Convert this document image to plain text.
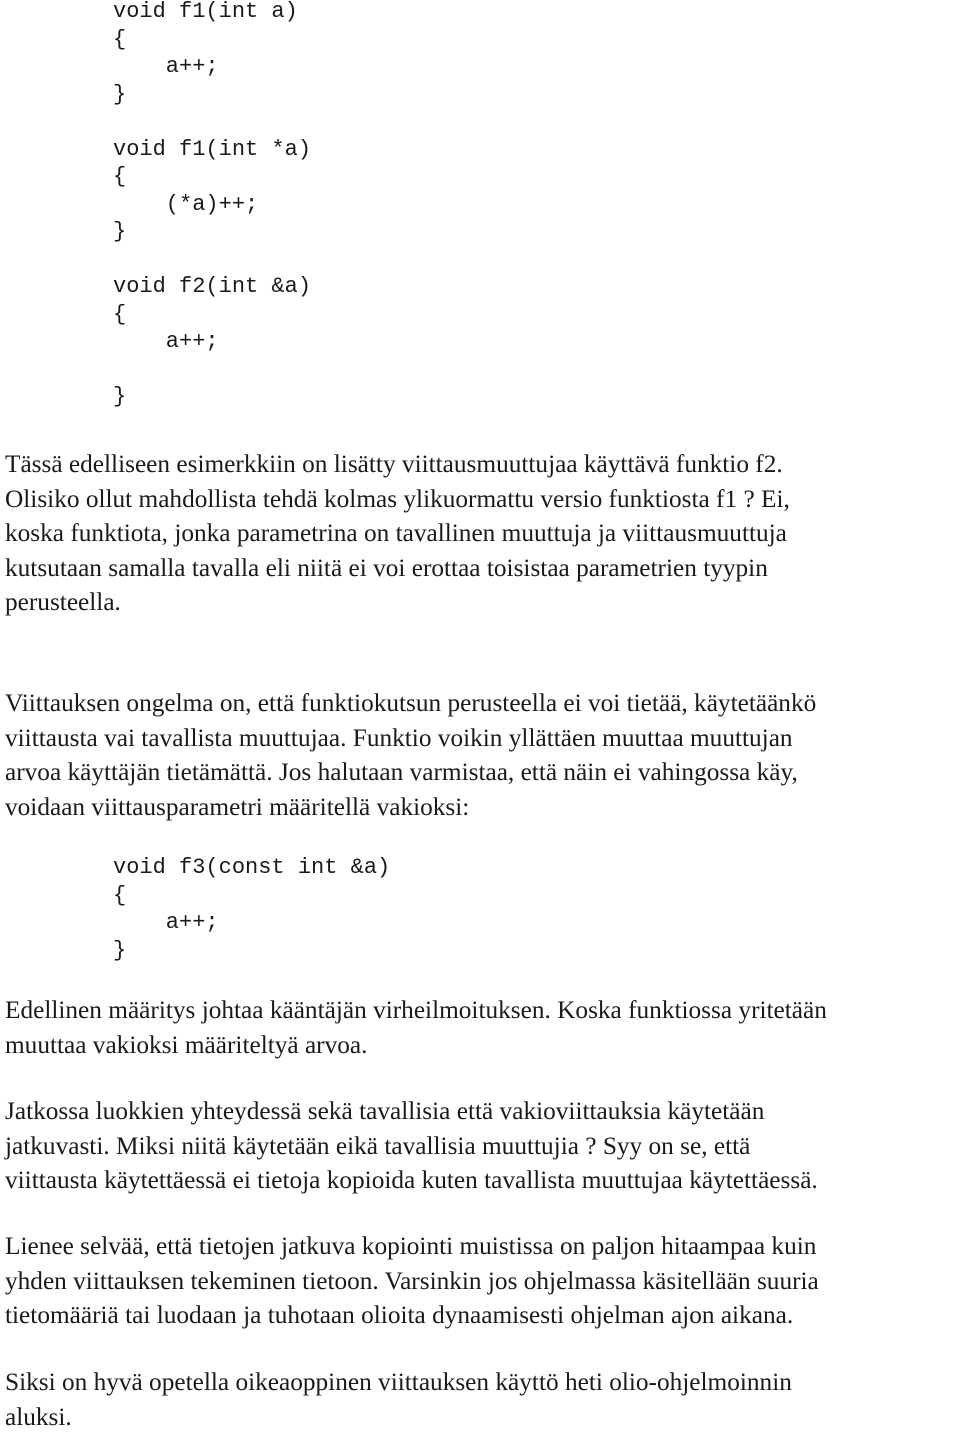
void f1(int a)
{
a++;
}
void f1(int *a)
{
(*a)++;
}
void f2(int &a)
{
a++;
}

Tässä edelliseen esimerkkiin on lisätty viittausmuuttujaa käyttävä funktio f2.
Olisiko ollut mahdollista tehdä kolmas ylikuormattu versio funktiosta f1 ? Ei,
koska funktiota, jonka parametrina on tavallinen muuttuja ja viittausmuuttuja
kutsutaan samalla tavalla eli niitä ei voi erottaa toisistaa parametrien tyypin
perusteella.

Viittauksen ongelma on, että funktiokutsun perusteella ei voi tietää, käytetäänkö
viittausta vai tavallista muuttujaa. Funktio voikin yllättäen muuttaa muuttujan
arvoa käyttäjän tietämättä. Jos halutaan varmistaa, että näin ei vahingossa käy,
voidaan viittausparametri määritellä vakioksi:

void f3(const int &a)
{
a++;
}

Edellinen määritys johtaa kääntäjän virheilmoituksen. Koska funktiossa yritetään
muuttaa vakioksi määriteltyä arvoa.

Jatkossa luokkien yhteydessä sekä tavallisia että vakioviittauksia käytetään
jatkuvasti. Miksi niitä käytetään eikä tavallisia muuttujia ? Syy on se, että
viittausta käytettäessä ei tietoja kopioida kuten tavallista muuttujaa käytettäessä.

Lienee selvää, että tietojen jatkuva kopiointi muistissa on paljon hitaampaa kuin
yhden viittauksen tekeminen tietoon. Varsinkin jos ohjelmassa käsitellään suuria
tietomääriä tai luodaan ja tuhotaan olioita dynaamisesti ohjelman ajon aikana.

Siksi on hyvä opetella oikeaoppinen viittauksen käyttö heti olio-ohjelmoinnin
aluksi.
